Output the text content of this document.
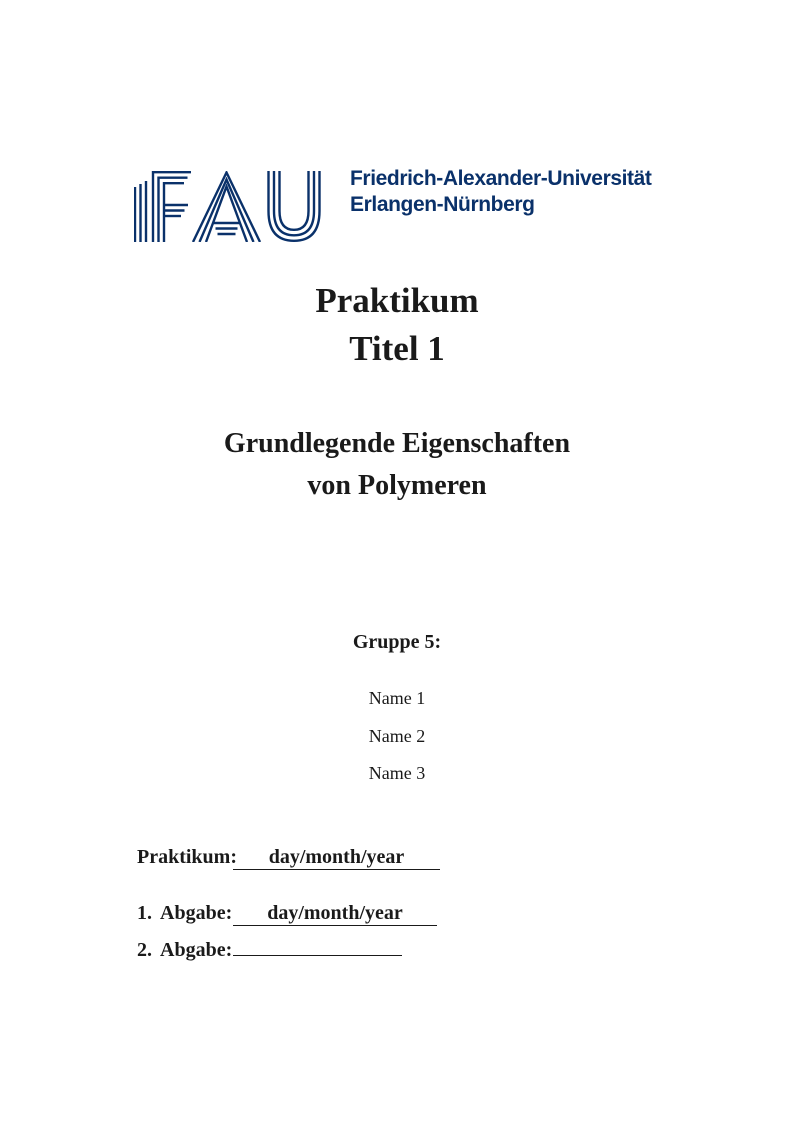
Friedrich-Alexander-Universität
Erlangen-Nürnberg
Praktikum
Titel 1
Grundlegende Eigenschaften
von Polymeren
Gruppe 5:
Name 1
Name 2
Name 3
Praktikum: day/month/year
1. Abgabe: day/month/year
2. Abgabe:
